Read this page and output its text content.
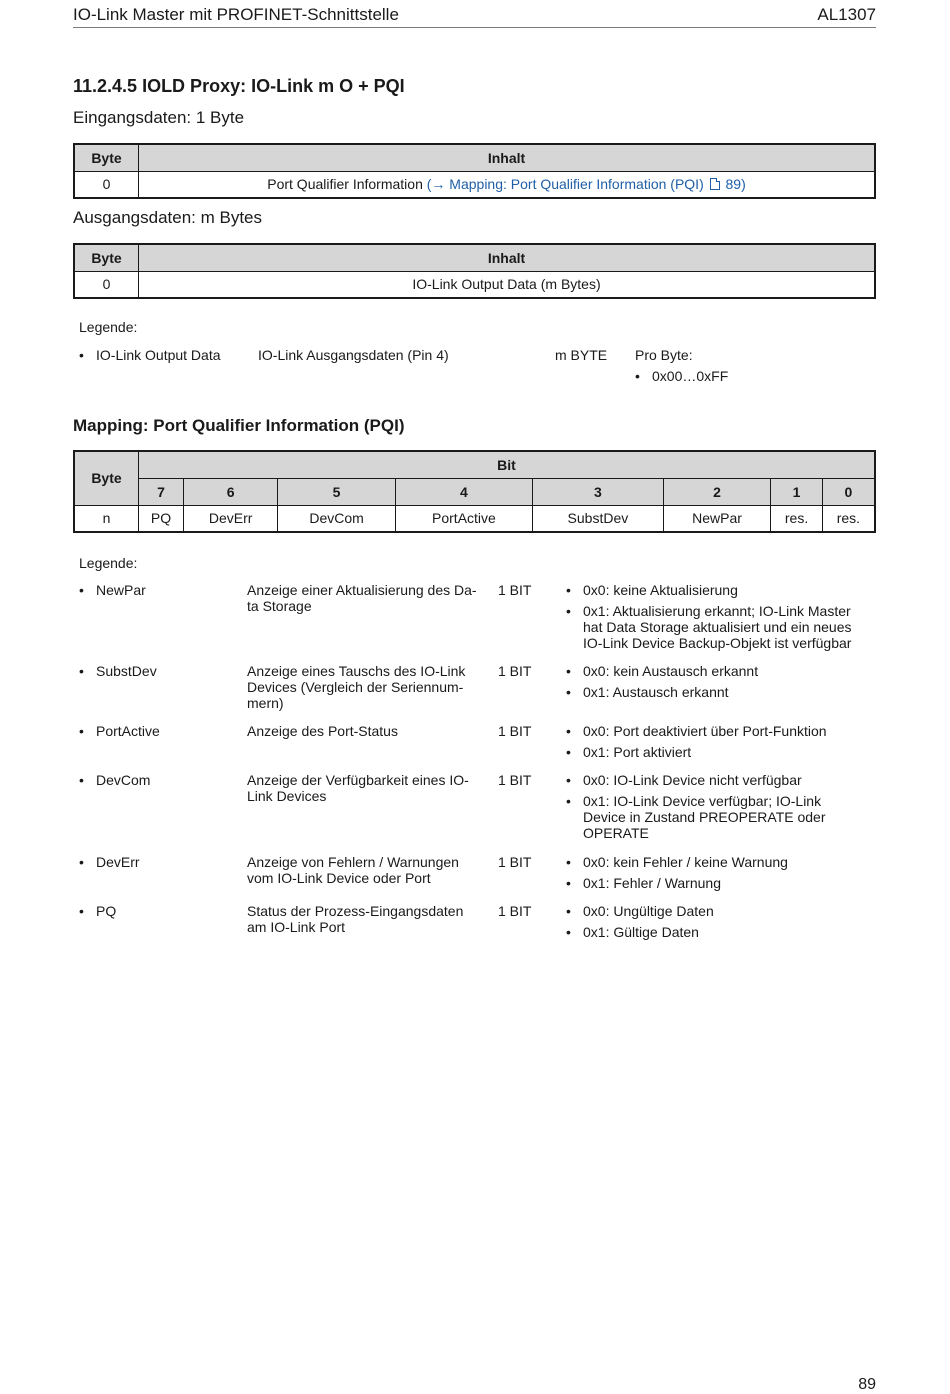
IO-Link Master mit PROFINET-Schnittstelle	AL1307
11.2.4.5 IOLD Proxy: IO-Link m O + PQI
Eingangsdaten: 1 Byte
Byte	Inhalt
0	Port Qualifier Information (→ Mapping: Port Qualifier Information (PQI)  89)
Ausgangsdaten: m Bytes
Byte	Inhalt
0	IO-Link Output Data (m Bytes)
Legende:
• IO-Link Output Data	IO-Link Ausgangsdaten (Pin 4)	m BYTE Pro Byte:
• 0x00…0xFF
Mapping: Port Qualifier Information (PQI)
Byte	Bit							
	7	6	5	4	3	2	1	0
n	PQ	DevErr	DevCom	PortActive	SubstDev	NewPar	res.	res.
Legende:
• NewPar	Anzeige einer Aktualisierung des Da-
ta Storage
1 BIT	• 0x0: keine Aktualisierung
• 0x1: Aktualisierung erkannt; IO-Link Master
hat Data Storage aktualisiert und ein neues
IO-Link Device Backup-Objekt ist verfügbar
• SubstDev	Anzeige eines Tauschs des IO-Link
Devices (Vergleich der Seriennum-
mern)
1 BIT	• 0x0: kein Austausch erkannt
• 0x1: Austausch erkannt
• PortActive	Anzeige des Port-Status	1 BIT	• 0x0: Port deaktiviert über Port-Funktion
• 0x1: Port aktiviert
• DevCom	Anzeige der Verfügbarkeit eines IO-
Link Devices
1 BIT	• 0x0: IO-Link Device nicht verfügbar
• 0x1: IO-Link Device verfügbar; IO-Link
Device in Zustand PREOPERATE oder
OPERATE
• DevErr	Anzeige von Fehlern / Warnungen
vom IO-Link Device oder Port
1 BIT	• 0x0: kein Fehler / keine Warnung
• 0x1: Fehler / Warnung
• PQ	Status der Prozess-Eingangsdaten
am IO-Link Port
1 BIT	• 0x0: Ungültige Daten
• 0x1: Gültige Daten
89
